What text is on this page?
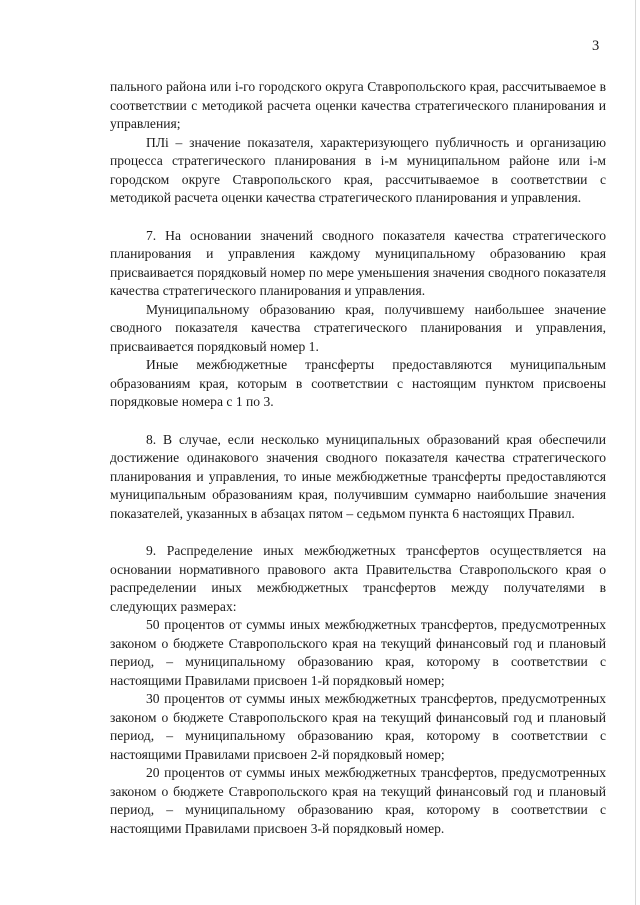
3

пального района или i-го городского округа Ставропольского края, рассчитываемое в соответствии с методикой расчета оценки качества стратегического планирования и управления;

ПЛi – значение показателя, характеризующего публичность и организацию процесса стратегического планирования в i-м муниципальном районе или i-м городском округе Ставропольского края, рассчитываемое в соответствии с методикой расчета оценки качества стратегического планирования и управления.

7. На основании значений сводного показателя качества стратегического планирования и управления каждому муниципальному образованию края присваивается порядковый номер по мере уменьшения значения сводного показателя качества стратегического планирования и управления.

Муниципальному образованию края, получившему наибольшее значение сводного показателя качества стратегического планирования и управления, присваивается порядковый номер 1.

Иные межбюджетные трансферты предоставляются муниципальным образованиям края, которым в соответствии с настоящим пунктом присвоены порядковые номера с 1 по 3.

8. В случае, если несколько муниципальных образований края обеспечили достижение одинакового значения сводного показателя качества стратегического планирования и управления, то иные межбюджетные трансферты предоставляются муниципальным образованиям края, получившим суммарно наибольшие значения показателей, указанных в абзацах пятом – седьмом пункта 6 настоящих Правил.

9. Распределение иных межбюджетных трансфертов осуществляется на основании нормативного правового акта Правительства Ставропольского края о распределении иных межбюджетных трансфертов между получателями в следующих размерах:

50 процентов от суммы иных межбюджетных трансфертов, предусмотренных законом о бюджете Ставропольского края на текущий финансовый год и плановый период, – муниципальному образованию края, которому в соответствии с настоящими Правилами присвоен 1-й порядковый номер;

30 процентов от суммы иных межбюджетных трансфертов, предусмотренных законом о бюджете Ставропольского края на текущий финансовый год и плановый период, – муниципальному образованию края, которому в соответствии с настоящими Правилами присвоен 2-й порядковый номер;

20 процентов от суммы иных межбюджетных трансфертов, предусмотренных законом о бюджете Ставропольского края на текущий финансовый год и плановый период, – муниципальному образованию края, которому в соответствии с настоящими Правилами присвоен 3-й порядковый номер.
